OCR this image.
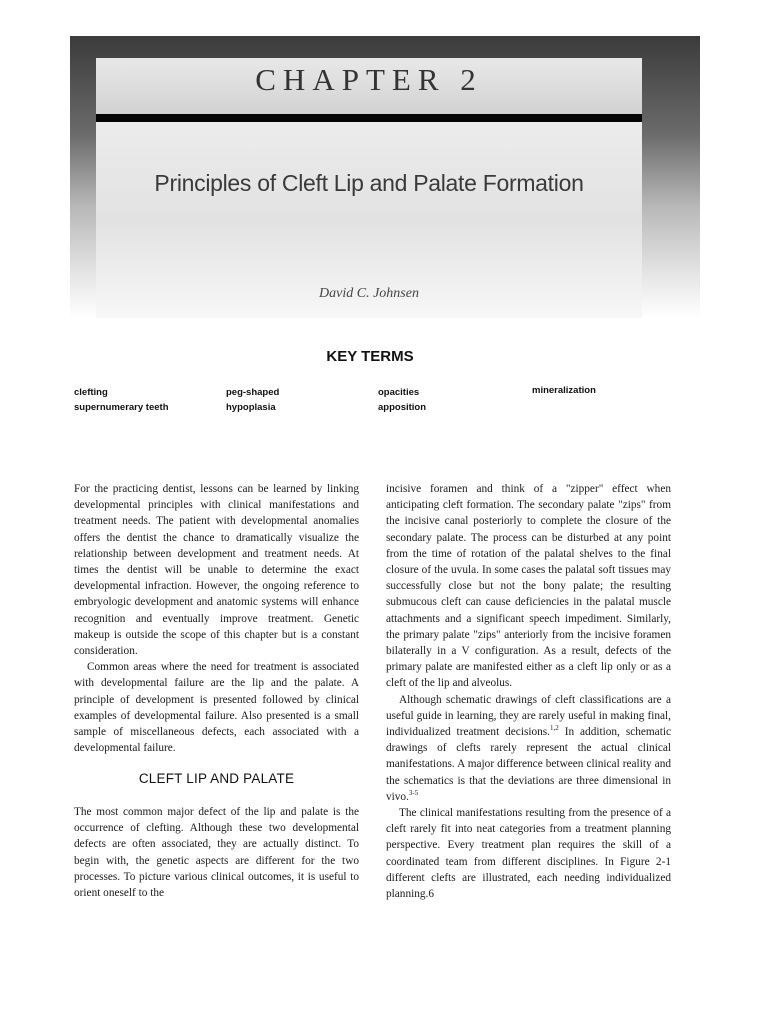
CHAPTER 2
Principles of Cleft Lip and Palate Formation
David C. Johnsen
KEY TERMS
clefting
supernumerary teeth
peg-shaped
hypoplasia
opacities
apposition
mineralization

For the practicing dentist, lessons can be learned by linking developmental principles with clinical manifestations and treatment needs. The patient with developmental anomalies offers the dentist the chance to dramatically visualize the relationship between development and treatment needs. At times the dentist will be unable to determine the exact developmental infraction. However, the ongoing reference to embryologic development and anatomic systems will enhance recognition and eventually improve treatment. Genetic makeup is outside the scope of this chapter but is a constant consideration.

Common areas where the need for treatment is associated with developmental failure are the lip and the palate. A principle of development is presented followed by clinical examples of developmental failure. Also presented is a small sample of miscellaneous defects, each associated with a developmental failure.

CLEFT LIP AND PALATE

The most common major defect of the lip and palate is the occurrence of clefting. Although these two developmental defects are often associated, they are actually distinct. To begin with, the genetic aspects are different for the two processes. To picture various clinical outcomes, it is useful to orient oneself to the

incisive foramen and think of a "zipper" effect when anticipating cleft formation. The secondary palate "zips" from the incisive canal posteriorly to complete the closure of the secondary palate. The process can be disturbed at any point from the time of rotation of the palatal shelves to the final closure of the uvula. In some cases the palatal soft tissues may successfully close but not the bony palate; the resulting submucous cleft can cause deficiencies in the palatal muscle attachments and a significant speech impediment. Similarly, the primary palate "zips" anteriorly from the incisive foramen bilaterally in a V configuration. As a result, defects of the primary palate are manifested either as a cleft lip only or as a cleft of the lip and alveolus.

Although schematic drawings of cleft classifications are a useful guide in learning, they are rarely useful in making final, individualized treatment decisions.$^{1,2}$ In addition, schematic drawings of clefts rarely represent the actual clinical manifestations. A major difference between clinical reality and the schematics is that the deviations are three dimensional in vivo.$^{3-5}$

The clinical manifestations resulting from the presence of a cleft rarely fit into neat categories from a treatment planning perspective. Every treatment plan requires the skill of a coordinated team from different disciplines. In Figure 2-1 different clefts are illustrated, each needing individualized planning.6
